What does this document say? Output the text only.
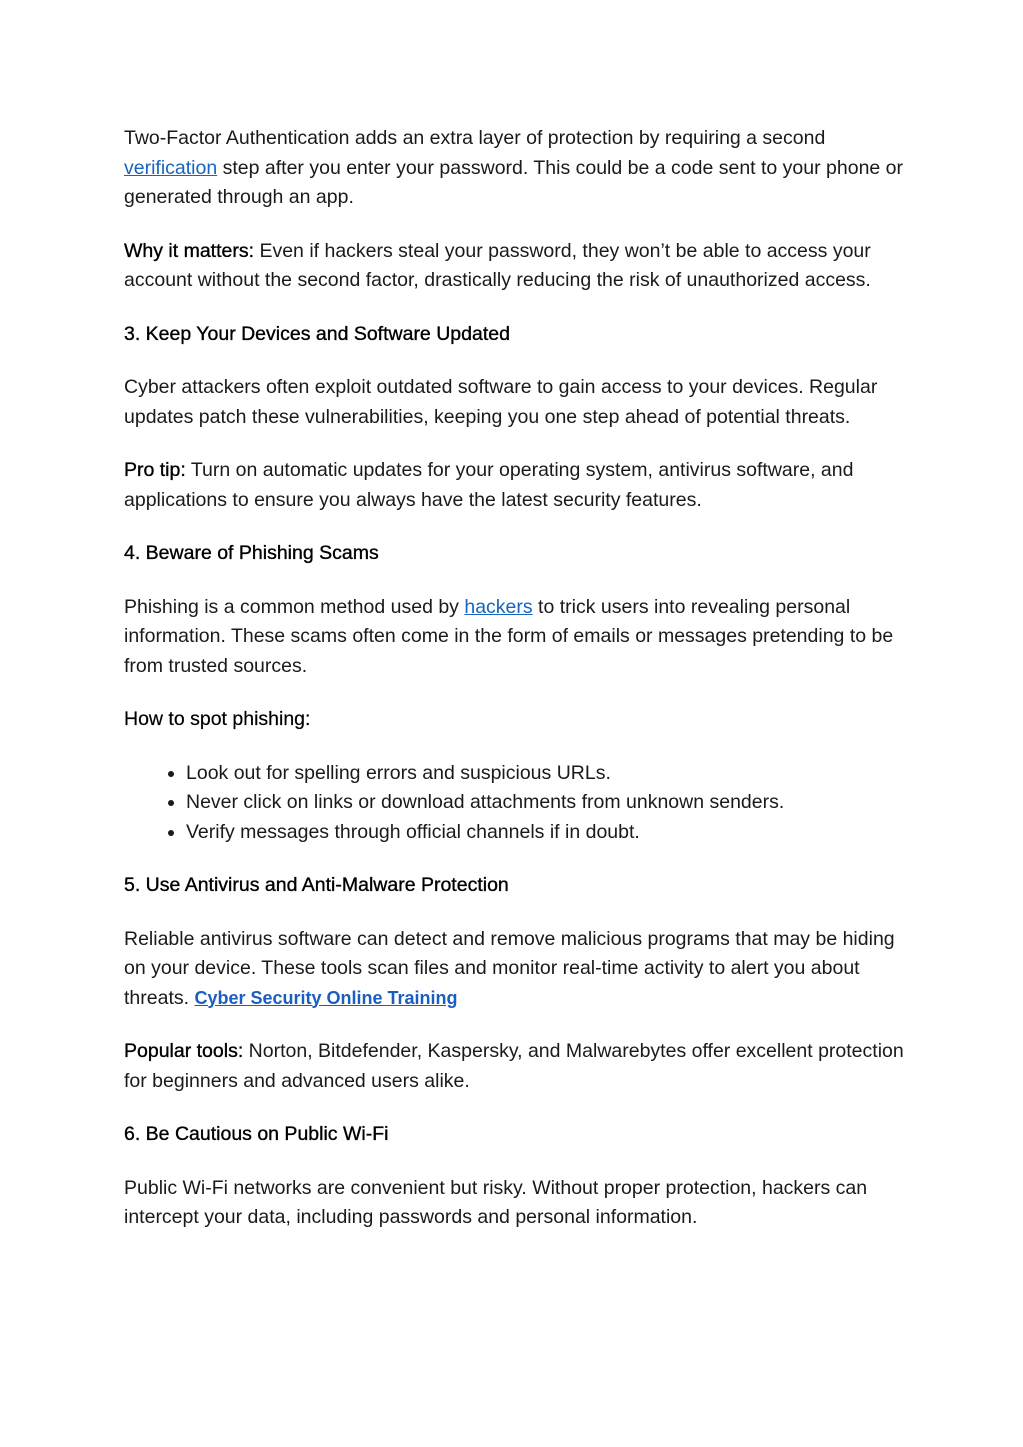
Two-Factor Authentication adds an extra layer of protection by requiring a second verification step after you enter your password. This could be a code sent to your phone or generated through an app.

Why it matters: Even if hackers steal your password, they won’t be able to access your account without the second factor, drastically reducing the risk of unauthorized access.

3. Keep Your Devices and Software Updated

Cyber attackers often exploit outdated software to gain access to your devices. Regular updates patch these vulnerabilities, keeping you one step ahead of potential threats.

Pro tip: Turn on automatic updates for your operating system, antivirus software, and applications to ensure you always have the latest security features.

4. Beware of Phishing Scams

Phishing is a common method used by hackers to trick users into revealing personal information. These scams often come in the form of emails or messages pretending to be from trusted sources.

How to spot phishing:
• Look out for spelling errors and suspicious URLs.
• Never click on links or download attachments from unknown senders.
• Verify messages through official channels if in doubt.
5. Use Antivirus and Anti-Malware Protection

Reliable antivirus software can detect and remove malicious programs that may be hiding on your device. These tools scan files and monitor real-time activity to alert you about threats. Cyber Security Online Training

Popular tools: Norton, Bitdefender, Kaspersky, and Malwarebytes offer excellent protection for beginners and advanced users alike.

6. Be Cautious on Public Wi-Fi

Public Wi-Fi networks are convenient but risky. Without proper protection, hackers can intercept your data, including passwords and personal information.
